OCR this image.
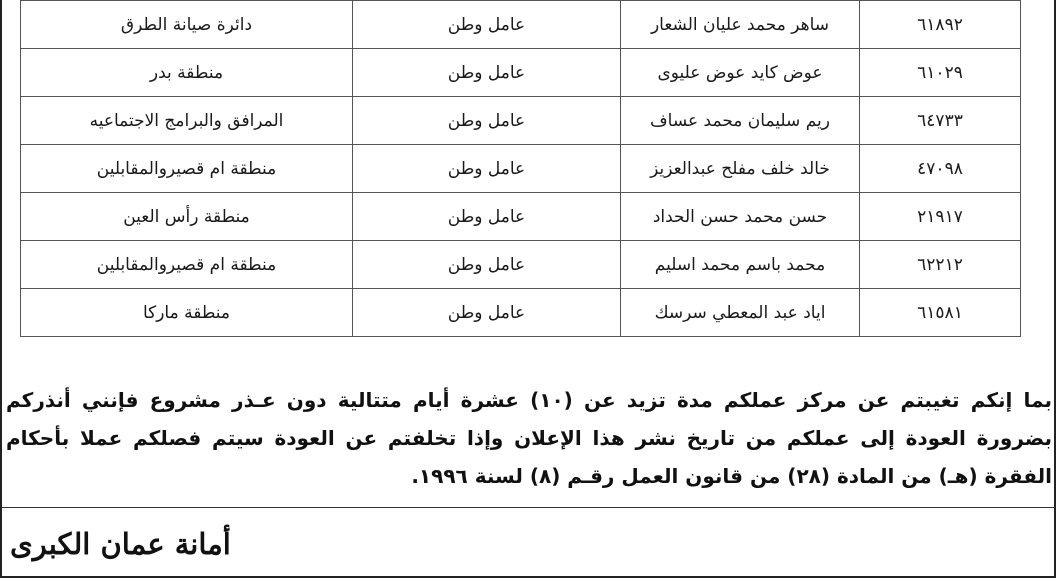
٦١٨٩٢	ساهر محمد عليان الشعار	عامل وطن	دائرة صيانة الطرق
٦١٠٢٩	عوض كايد عوض عليوى	عامل وطن	منطقة بدر
٦٤٧٣٣	ريم سليمان محمد عساف	عامل وطن	المرافق والبرامج الاجتماعيه
٤٧٠٩٨	خالد خلف مفلح عبدالعزيز	عامل وطن	منطقة ام قصيروالمقابلين
٢١٩١٧	حسن محمد حسن الحداد	عامل وطن	منطقة رأس العين
٦٢٢١٢	محمد باسم محمد اسليم	عامل وطن	منطقة ام قصيروالمقابلين
٦١٥٨١	اياد عبد المعطي سرسك	عامل وطن	منطقة ماركا
بما إنكم تغيبتم عن مركز عملكم مدة تزيد عن (١٠) عشرة أيام متتالية دون عـذر مشروع فإنني أنذركم بضرورة العودة إلى عملكم من تاريخ نشر هذا الإعلان وإذا تخلفتم عن العودة سيتم فصلكم عملا بأحكام الفقرة (هـ) من المادة (٢٨) من قانون العمل رقـم (٨) لسنة ١٩٩٦.
أمانة عمان الكبرى
